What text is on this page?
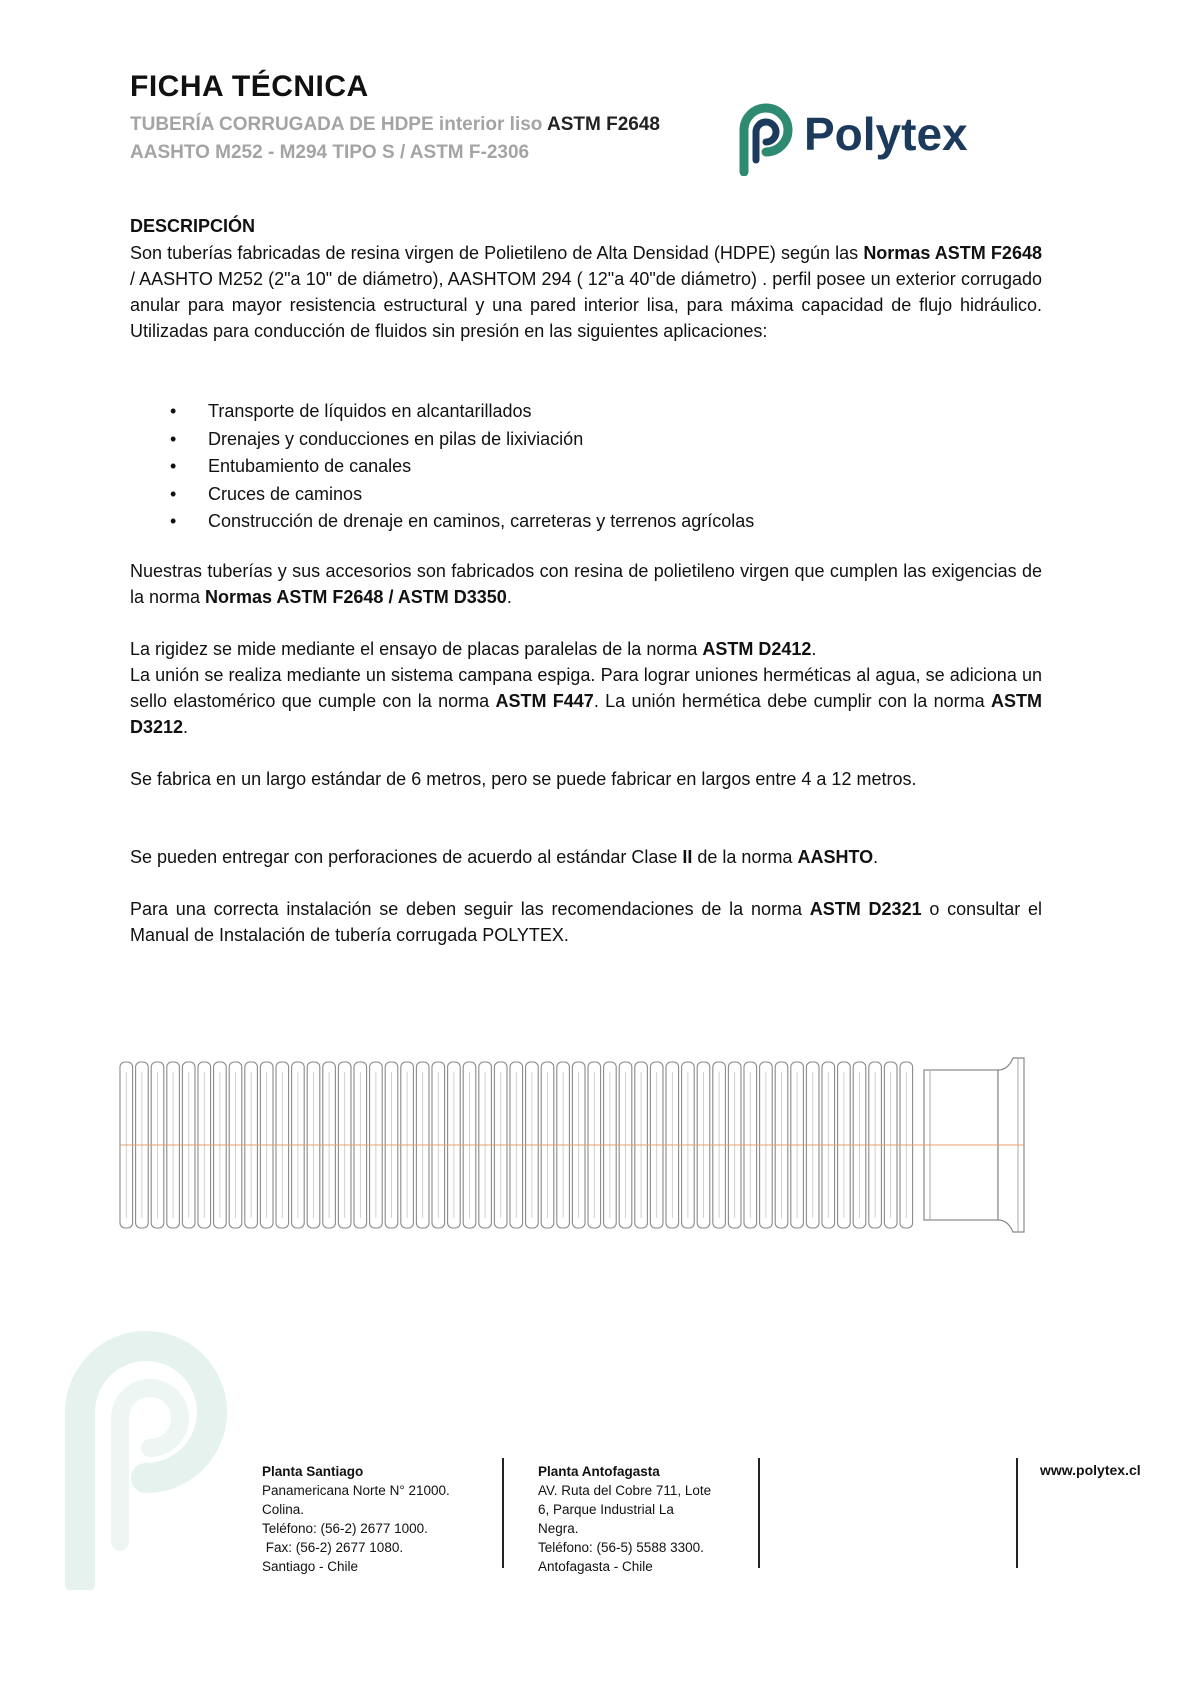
FICHA TÉCNICA
TUBERÍA CORRUGADA DE HDPE interior liso ASTM F2648
AASHTO M252 - M294 TIPO S / ASTM F-2306	Polytex
DESCRIPCIÓN

Son tuberías fabricadas de resina virgen de Polietileno de Alta Densidad (HDPE) según las Normas ASTM F2648 / AASHTO M252 (2"a 10" de diámetro), AASHTOM 294 ( 12"a 40"de diámetro) . perfil posee un exterior corrugado anular para mayor resistencia estructural y una pared interior lisa, para máxima capacidad de flujo hidráulico. Utilizadas para conducción de fluidos sin presión en las siguientes aplicaciones:

• Transporte de líquidos en alcantarillados
• Drenajes y conducciones en pilas de lixiviación
• Entubamiento de canales
• Cruces de caminos
• Construcción de drenaje en caminos, carreteras y terrenos agrícolas

Nuestras tuberías y sus accesorios son fabricados con resina de polietileno virgen que cumplen las exigencias de la norma Normas ASTM F2648 / ASTM D3350.

La rigidez se mide mediante el ensayo de placas paralelas de la norma ASTM D2412.
La unión se realiza mediante un sistema campana espiga. Para lograr uniones herméticas al agua, se adiciona un sello elastomérico que cumple con la norma ASTM F447. La unión hermética debe cumplir con la norma ASTM D3212.

Se fabrica en un largo estándar de 6 metros, pero se puede fabricar en largos entre 4 a 12 metros.

Se pueden entregar con perforaciones de acuerdo al estándar Clase II de la norma AASHTO.

Para una correcta instalación se deben seguir las recomendaciones de la norma ASTM D2321 o consultar el Manual de Instalación de tubería corrugada POLYTEX.

Planta Santiago
Panamericana Norte N° 21000.
Colina.
Teléfono: (56-2) 2677 1000.
Fax: (56-2) 2677 1080.
Santiago - Chile
Planta Antofagasta
AV. Ruta del Cobre 711, Lote
6, Parque Industrial La
Negra.
Teléfono: (56-5) 5588 3300.
Antofagasta - Chile
www.polytex.cl
